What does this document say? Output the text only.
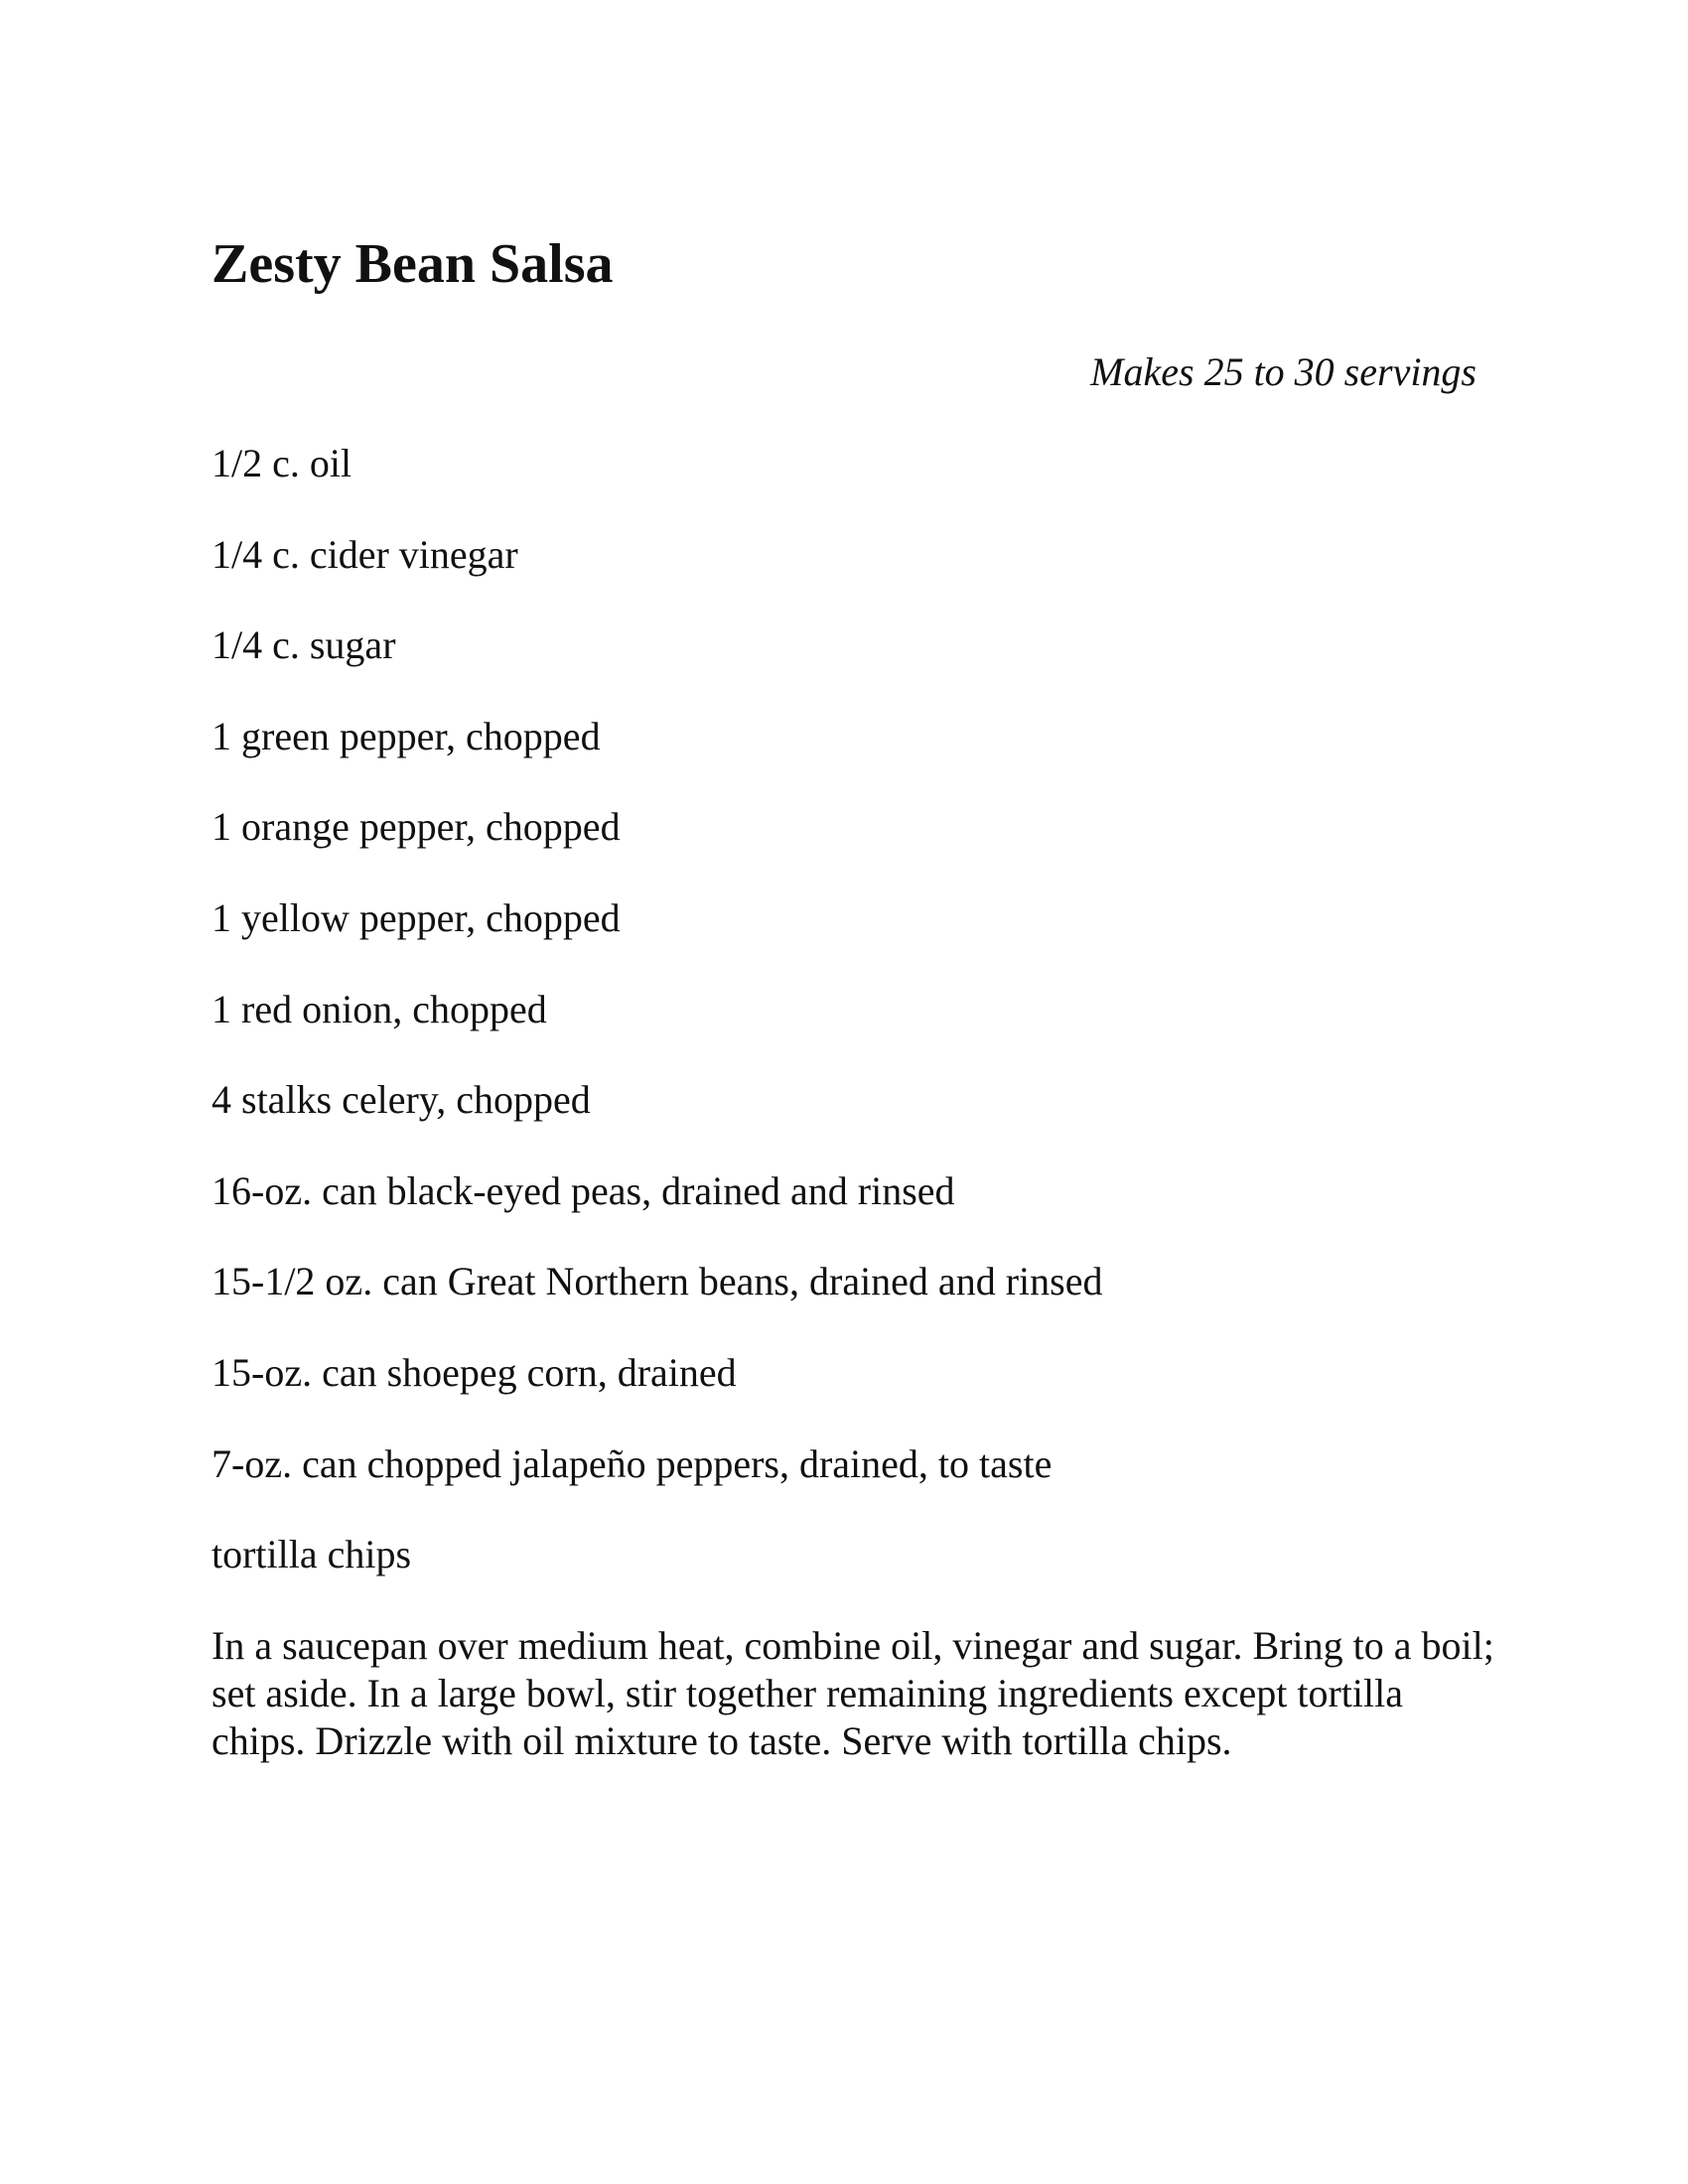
Zesty Bean Salsa

Makes 25 to 30 servings

1/2 c. oil
1/4 c. cider vinegar
1/4 c. sugar
1 green pepper, chopped
1 orange pepper, chopped
1 yellow pepper, chopped
1 red onion, chopped
4 stalks celery, chopped
16-oz. can black-eyed peas, drained and rinsed
15-1/2 oz. can Great Northern beans, drained and rinsed
15-oz. can shoepeg corn, drained
7-oz. can chopped jalapeño peppers, drained, to taste
tortilla chips

In a saucepan over medium heat, combine oil, vinegar and sugar. Bring to a boil; set aside. In a large bowl, stir together remaining ingredients except tortilla chips. Drizzle with oil mixture to taste. Serve with tortilla chips.
